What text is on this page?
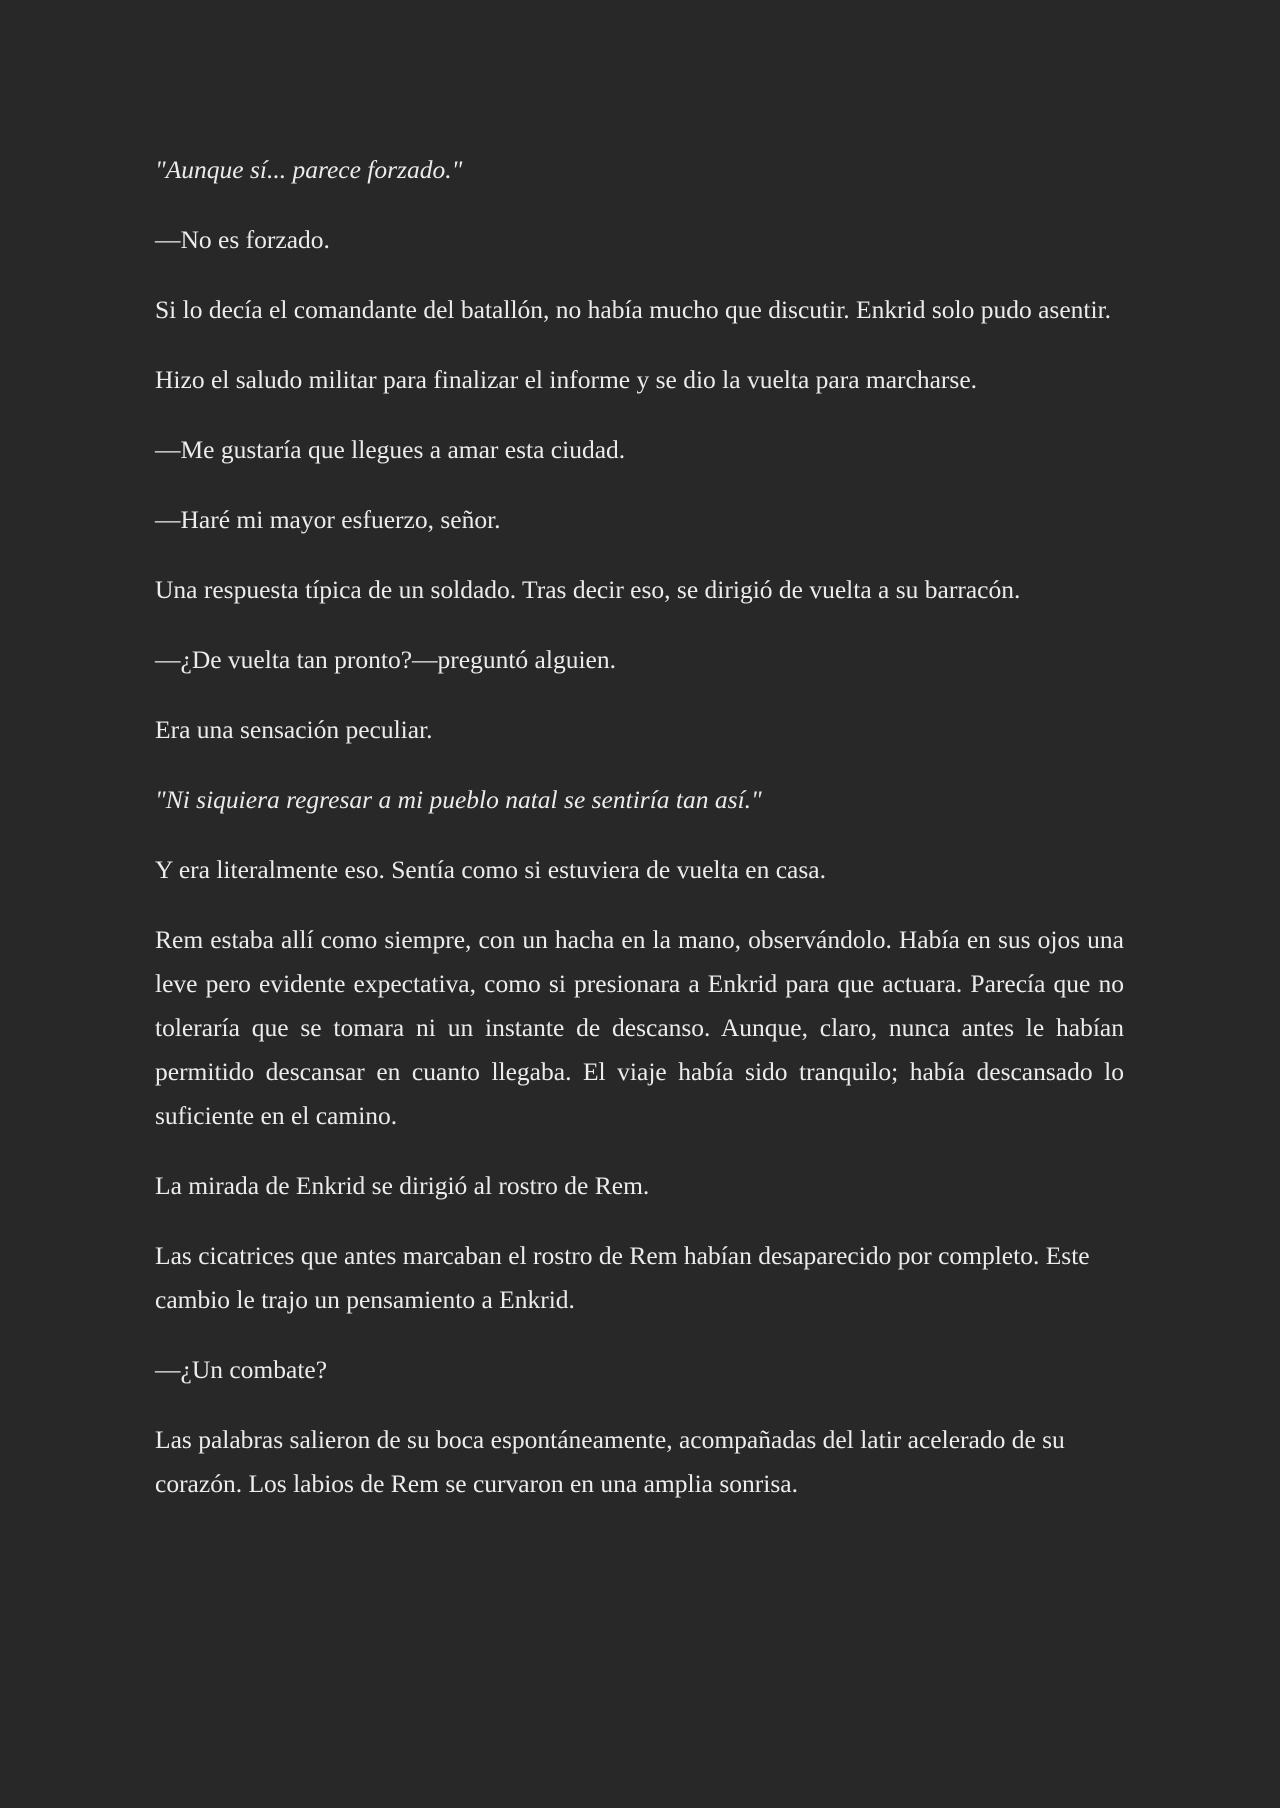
"Aunque sí... parece forzado."

—No es forzado.

Si lo decía el comandante del batallón, no había mucho que discutir. Enkrid solo pudo asentir.

Hizo el saludo militar para finalizar el informe y se dio la vuelta para marcharse.

—Me gustaría que llegues a amar esta ciudad.

—Haré mi mayor esfuerzo, señor.

Una respuesta típica de un soldado. Tras decir eso, se dirigió de vuelta a su barracón.

—¿De vuelta tan pronto?—preguntó alguien.

Era una sensación peculiar.

"Ni siquiera regresar a mi pueblo natal se sentiría tan así."

Y era literalmente eso. Sentía como si estuviera de vuelta en casa.

Rem estaba allí como siempre, con un hacha en la mano, observándolo. Había en sus ojos una leve pero evidente expectativa, como si presionara a Enkrid para que actuara. Parecía que no toleraría que se tomara ni un instante de descanso. Aunque, claro, nunca antes le habían permitido descansar en cuanto llegaba. El viaje había sido tranquilo; había descansado lo suficiente en el camino.

La mirada de Enkrid se dirigió al rostro de Rem.

Las cicatrices que antes marcaban el rostro de Rem habían desaparecido por completo. Este cambio le trajo un pensamiento a Enkrid.

—¿Un combate?

Las palabras salieron de su boca espontáneamente, acompañadas del latir acelerado de su corazón. Los labios de Rem se curvaron en una amplia sonrisa.
